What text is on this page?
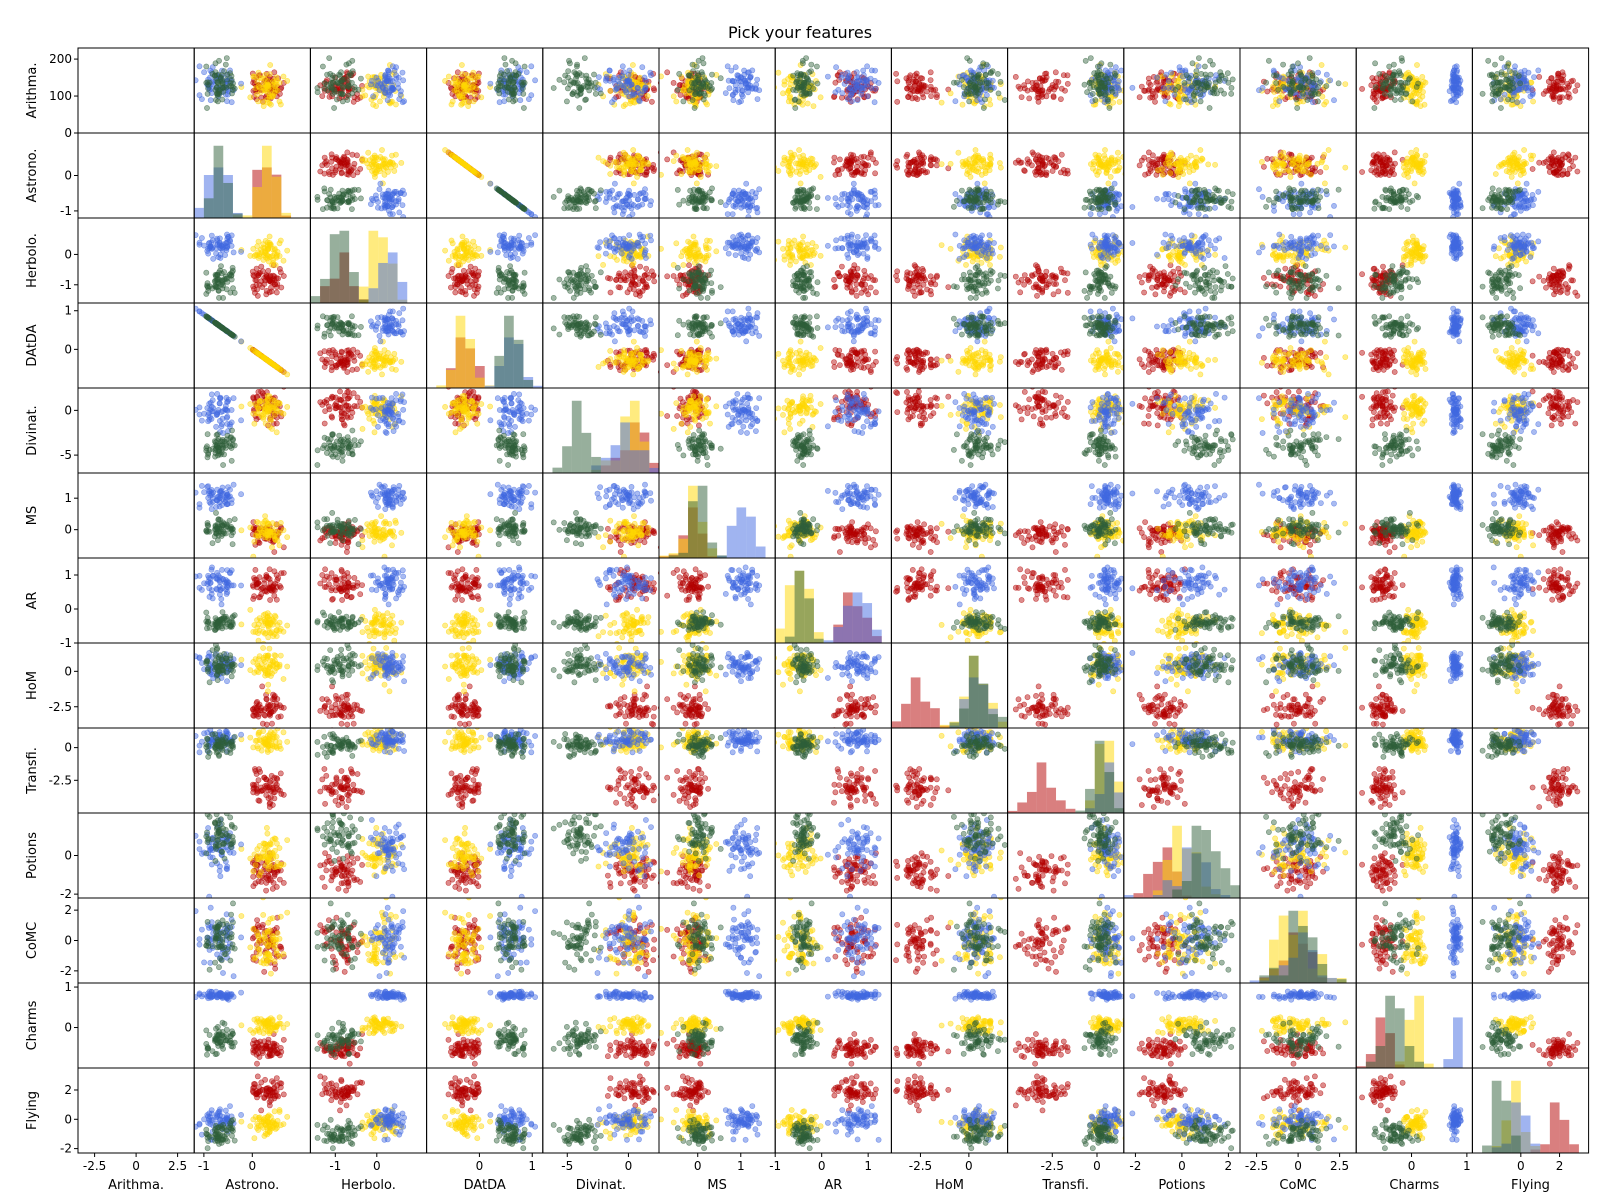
Pick your features
0
100
200
Arithma.
-1
0
Astrono.
-1
0
Herbolo.
0
1
DAtDA
-5
0
Divinat.
0
1
MS
-1
0
1
AR
-2.5
0
HoM
-2.5
0
Transfi.
-2
0
Potions
-2
0
2
CoMC
0
1
Charms
-2
0
2
Flying
-2.5 0 2.5
Arithma.
-1	0
Astrono.
-1	0
Herbolo.
0	1
DAtDA
-5	0
Divinat.
0	1
MS
-1	0	1
AR
-2.5	0
HoM
-2.5 0
Transfi.
-2	0	2
Potions
-2.5 0 2.5
CoMC
0	1
Charms
0	2
Flying
